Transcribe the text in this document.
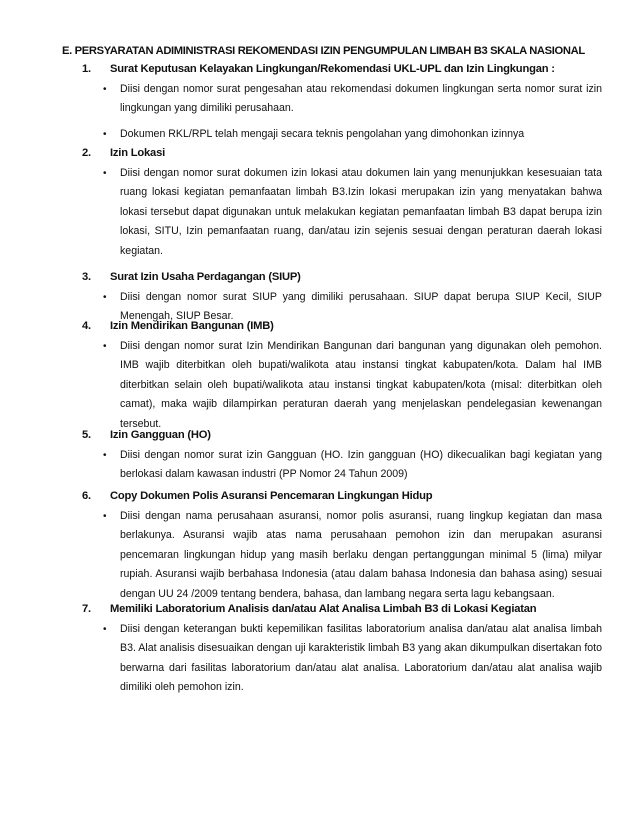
E. PERSYARATAN ADIMINISTRASI REKOMENDASI IZIN PENGUMPULAN LIMBAH B3 SKALA NASIONAL
1. Surat Keputusan Kelayakan Lingkungan/Rekomendasi UKL-UPL dan Izin Lingkungan :
• Diisi dengan nomor surat pengesahan atau rekomendasi dokumen lingkungan serta nomor surat izin lingkungan yang dimiliki perusahaan.
• Dokumen RKL/RPL telah mengaji secara teknis pengolahan yang dimohonkan izinnya
2. Izin Lokasi
• Diisi dengan nomor surat dokumen izin lokasi atau dokumen lain yang menunjukkan kesesuaian tata ruang lokasi kegiatan pemanfaatan limbah B3.Izin lokasi merupakan izin yang menyatakan bahwa lokasi tersebut dapat digunakan untuk melakukan kegiatan pemanfaatan limbah B3 dapat berupa izin lokasi, SITU, Izin pemanfaatan ruang, dan/atau izin sejenis sesuai dengan peraturan daerah lokasi kegiatan.
3. Surat Izin Usaha Perdagangan (SIUP)
• Diisi dengan nomor surat SIUP yang dimiliki perusahaan. SIUP dapat berupa SIUP Kecil, SIUP Menengah, SIUP Besar.
4. Izin Mendirikan Bangunan (IMB)
• Diisi dengan nomor surat Izin Mendirikan Bangunan dari bangunan yang digunakan oleh pemohon. IMB wajib diterbitkan oleh bupati/walikota atau instansi tingkat kabupaten/kota. Dalam hal IMB diterbitkan selain oleh bupati/walikota atau instansi tingkat kabupaten/kota (misal: diterbitkan oleh camat), maka wajib dilampirkan peraturan daerah yang menjelaskan pendelegasian kewenangan tersebut.
5. Izin Gangguan (HO)
• Diisi dengan nomor surat izin Gangguan (HO. Izin gangguan (HO) dikecualikan bagi kegiatan yang berlokasi dalam kawasan industri (PP Nomor 24 Tahun 2009)
6. Copy Dokumen Polis Asuransi Pencemaran Lingkungan Hidup
• Diisi dengan nama perusahaan asuransi, nomor polis asuransi, ruang lingkup kegiatan dan masa berlakunya. Asuransi wajib atas nama perusahaan pemohon izin dan merupakan asuransi pencemaran lingkungan hidup yang masih berlaku dengan pertanggungan minimal 5 (lima) milyar rupiah. Asuransi wajib berbahasa Indonesia (atau dalam bahasa Indonesia dan bahasa asing) sesuai dengan UU 24 /2009 tentang bendera, bahasa, dan lambang negara serta lagu kebangsaan.
7. Memiliki Laboratorium Analisis dan/atau Alat Analisa Limbah B3 di Lokasi Kegiatan
• Diisi dengan keterangan bukti kepemilikan fasilitas laboratorium analisa dan/atau alat analisa limbah B3. Alat analisis disesuaikan dengan uji karakteristik limbah B3 yang akan dikumpulkan disertakan foto berwarna dari fasilitas laboratorium dan/atau alat analisa. Laboratorium dan/atau alat analisa wajib dimiliki oleh pemohon izin.
